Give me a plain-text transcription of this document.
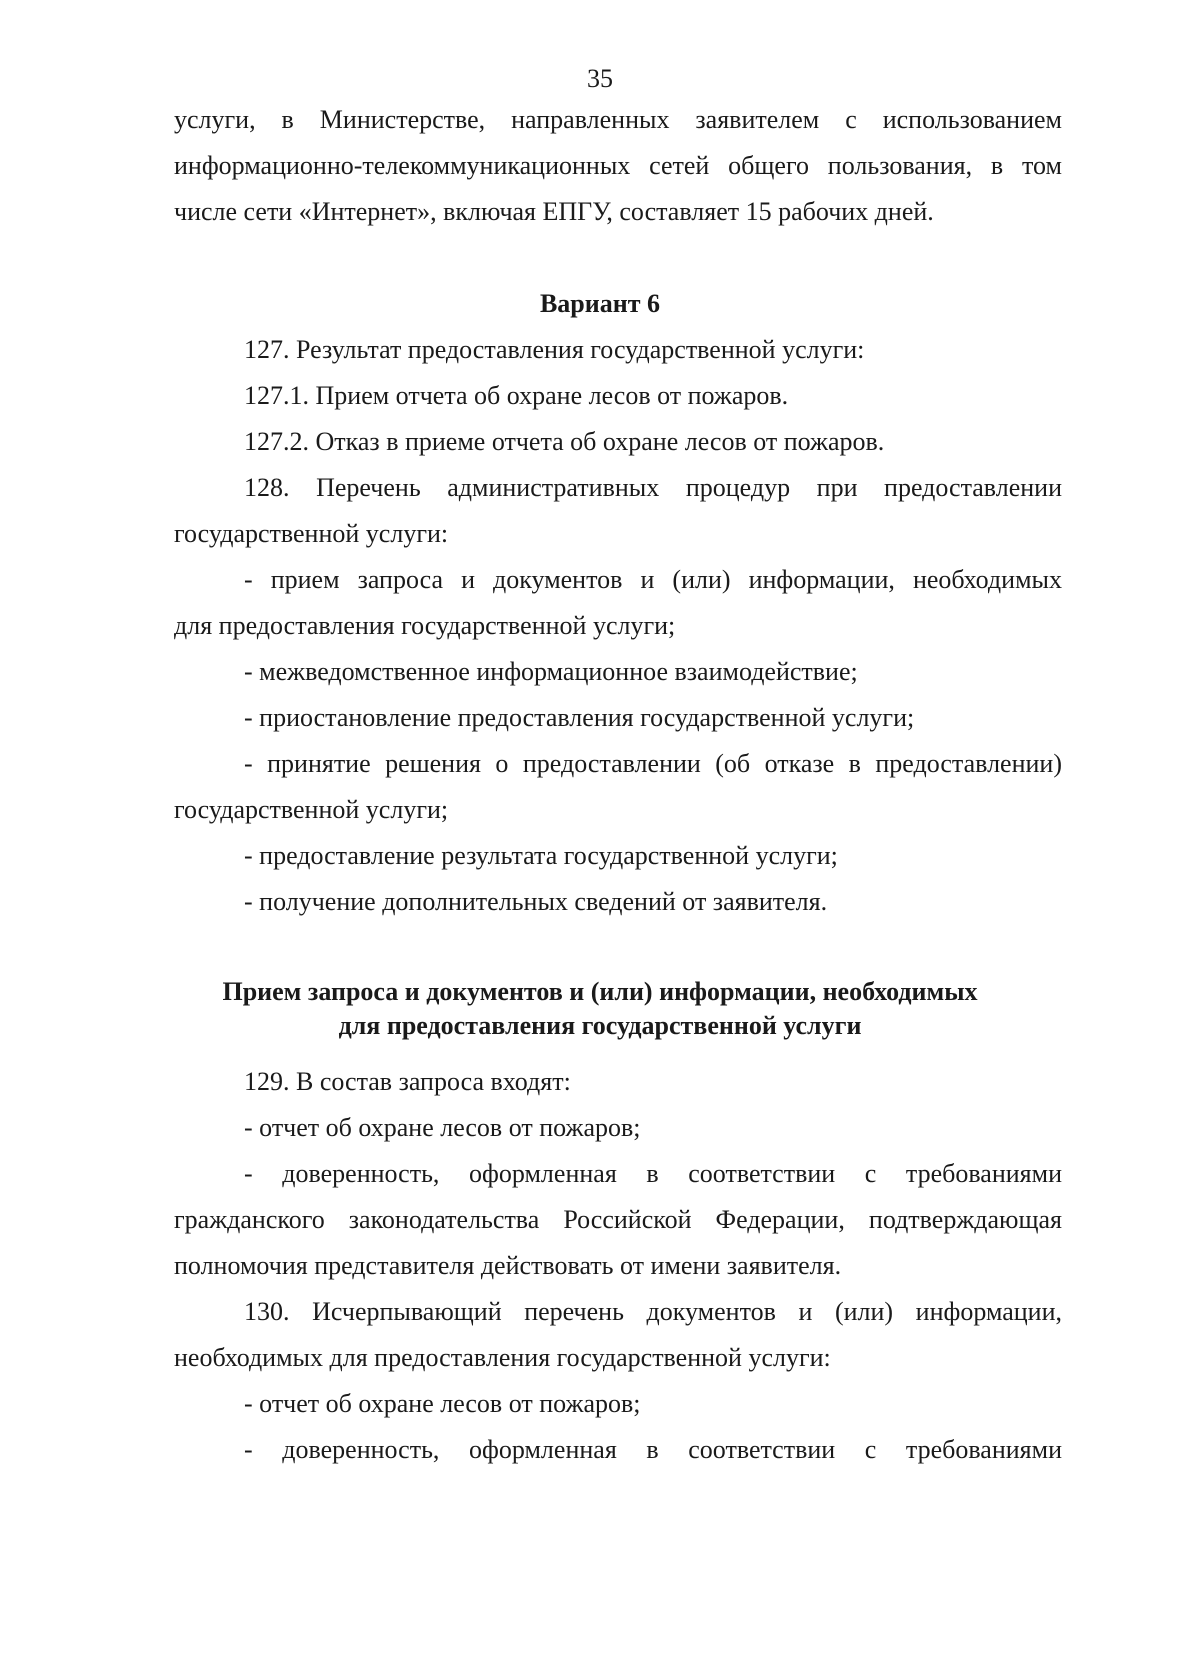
35
услуги, в Министерстве, направленных заявителем с использованием
информационно-телекоммуникационных сетей общего пользования, в том
числе сети «Интернет», включая ЕПГУ, составляет 15 рабочих дней.
Вариант 6
127. Результат предоставления государственной услуги:
127.1. Прием отчета об охране лесов от пожаров.
127.2. Отказ в приеме отчета об охране лесов от пожаров.
128. Перечень административных процедур при предоставлении
государственной услуги:
- прием запроса и документов и (или) информации, необходимых
для предоставления государственной услуги;
- межведомственное информационное взаимодействие;
- приостановление предоставления государственной услуги;
- принятие решения о предоставлении (об отказе в предоставлении)
государственной услуги;
- предоставление результата государственной услуги;
- получение дополнительных сведений от заявителя.
Прием запроса и документов и (или) информации, необходимых
для предоставления государственной услуги
129. В состав запроса входят:
- отчет об охране лесов от пожаров;
- доверенность, оформленная в соответствии с требованиями
гражданского законодательства Российской Федерации, подтверждающая
полномочия представителя действовать от имени заявителя.
130. Исчерпывающий перечень документов и (или) информации,
необходимых для предоставления государственной услуги:
- отчет об охране лесов от пожаров;
- доверенность, оформленная в соответствии с требованиями
